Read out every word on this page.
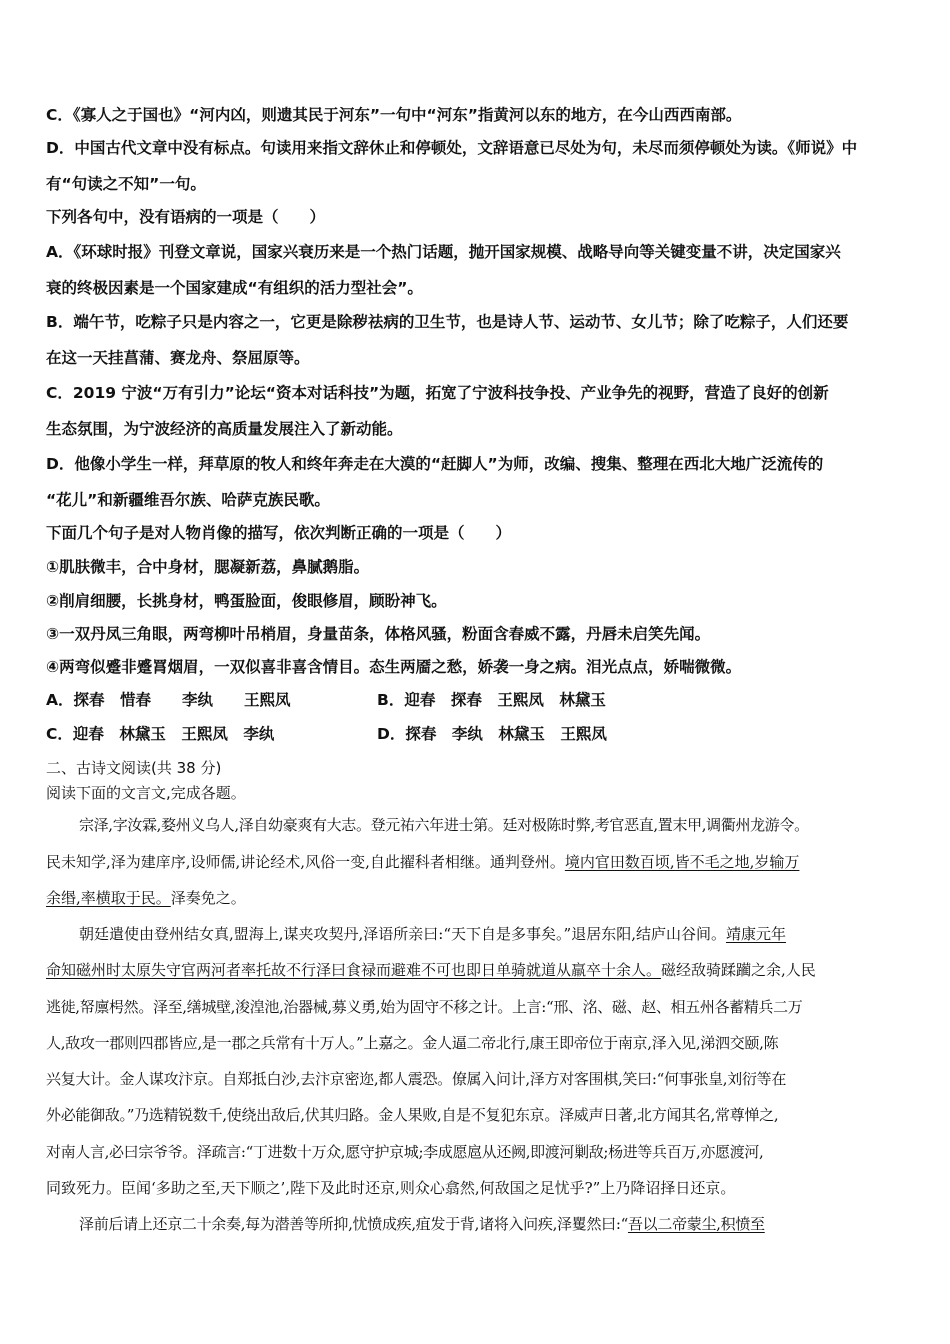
C．《寡人之于国也》“河内凶，则遗其民于河东”一句中“河东”指黄河以东的地方，在今山西西南部。
D．中国古代文章中没有标点。句读用来指文辞休止和停顿处，文辞语意已尽处为句，未尽而须停顿处为读。《师说》中
有“句读之不知”一句。
下列各句中，没有语病的一项是（　　）
A．《环球时报》刊登文章说，国家兴衰历来是一个热门话题，抛开国家规模、战略导向等关键变量不讲，决定国家兴
衰的终极因素是一个国家建成“有组织的活力型社会”。
B．端午节，吃粽子只是内容之一，它更是除秽祛病的卫生节，也是诗人节、运动节、女儿节；除了吃粽子，人们还要
在这一天挂菖蒲、赛龙舟、祭屈原等。
C．2019 宁波“万有引力”论坛“资本对话科技”为题，拓宽了宁波科技争投、产业争先的视野，营造了良好的创新
生态氛围，为宁波经济的高质量发展注入了新动能。
D．他像小学生一样，拜草原的牧人和终年奔走在大漠的“赶脚人”为师，改编、搜集、整理在西北大地广泛流传的
“花儿”和新疆维吾尔族、哈萨克族民歌。
下面几个句子是对人物肖像的描写，依次判断正确的一项是（　　）
①肌肤微丰，合中身材，腮凝新荔，鼻腻鹅脂。
②削肩细腰，长挑身材，鸭蛋脸面，俊眼修眉，顾盼神飞。
③一双丹凤三角眼，两弯柳叶吊梢眉，身量苗条，体格风骚，粉面含春威不露，丹唇未启笑先闻。
④两弯似蹙非蹙罥烟眉，一双似喜非喜含情目。态生两靥之愁，娇袭一身之病。泪光点点，娇喘微微。
A．探春　惜春　　李纨　　王熙凤	B．迎春　探春　王熙凤　林黛玉
C．迎春　林黛玉　王熙凤　李纨	D．探春　李纨　林黛玉　王熙凤
二、古诗文阅读(共 38 分)
阅读下面的文言文,完成各题。
宗泽,字汝霖,婺州义乌人,泽自幼豪爽有大志。登元祐六年进士第。廷对极陈时弊,考官恶直,置末甲,调衢州龙游令。
民未知学,泽为建庠序,设师儒,讲论经术,风俗一变,自此擢科者相继。通判登州。境内官田数百顷,皆不毛之地,岁输万
余缗,率横取于民。泽奏免之。
朝廷遣使由登州结女真,盟海上,谋夹攻契丹,泽语所亲曰:“天下自是多事矣。”退居东阳,结庐山谷间。靖康元年
命知磁州时太原失守官两河者率托故不行泽曰食禄而避难不可也即日单骑就道从羸卒十余人。磁经敌骑蹂躏之余,人民
逃徙,帑廪枵然。泽至,缮城壁,浚湟池,治器械,募义勇,始为固守不移之计。上言:“邢、洺、磁、赵、相五州各蓄精兵二万
人,敌攻一郡则四郡皆应,是一郡之兵常有十万人。”上嘉之。金人逼二帝北行,康王即帝位于南京,泽入见,涕泗交颐,陈
兴复大计。金人谋攻汴京。自郑抵白沙,去汴京密迩,都人震恐。僚属入问计,泽方对客围棋,笑曰:“何事张皇,刘衍等在
外必能御敌。”乃选精锐数千,使绕出敌后,伏其归路。金人果败,自是不复犯东京。泽威声日著,北方闻其名,常尊惮之,
对南人言,必曰宗爷爷。泽疏言:“丁进数十万众,愿守护京城;李成愿扈从还阙,即渡河剿敌;杨进等兵百万,亦愿渡河,
同致死力。臣闻‘多助之至,天下顺之’,陛下及此时还京,则众心翕然,何敌国之足忧乎?”上乃降诏择日还京。
泽前后请上还京二十余奏,每为潜善等所抑,忧愤成疾,疽发于背,诸将入问疾,泽矍然曰:“吾以二帝蒙尘,积愤至
